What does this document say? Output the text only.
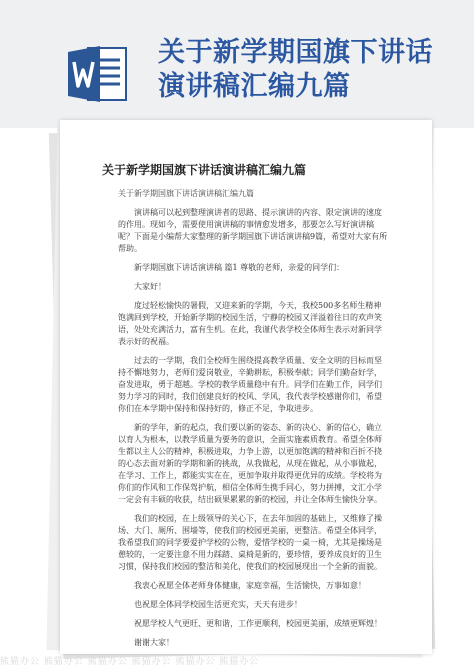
关于新学期国旗下讲话
演讲稿汇编九篇
关于新学期国旗下讲话演讲稿汇编九篇

关于新学期国旗下讲话演讲稿汇编九篇

演讲稿可以起到整理演讲者的思路、提示演讲的内容、限定演讲的速度的作用。现如今，需要使用演讲稿的事情愈发增多，那要怎么写好演讲稿呢？下面是小编帮大家整理的新学期国旗下讲话演讲稿9篇，希望对大家有所帮助。

新学期国旗下讲话演讲稿 篇1 尊敬的老师，亲爱的同学们：

大家好！

度过轻松愉快的暑假，又迎来新的学期，今天，我校500多名师生精神饱满回到学校，开始新学期的校园生活，宁静的校园又洋溢着往日的欢声笑语，处处充满活力，富有生机。在此，我谨代表学校全体师生表示对新同学表示好的祝福。

过去的一学期，我们全校师生围绕提高教学质量、安全文明的目标而坚持不懈地努力，老师们爱岗敬业，辛勤耕耘，积极奉献；同学们勤奋好学，奋发进取，勇于超越。学校的教学质量稳中有升。同学们在勤工作，同学们努力学习的同时，我们创建良好的校风、学风，我代表学校感谢你们，希望你们在本学期中保持和保持好的，修正不足，争取进步。

新的学年，新的起点，我们要以新的姿态、新的决心、新的信心，确立以育人为根本，以教学质量为要务的意识，全面实施素质教育。希望全体师生都以主人公的精神，积极进取，力争上游，以更加饱满的精神和百折不挠的心态去面对新的学期和新的挑战，从我做起，从现在做起，从小事做起，在学习、工作上，都能实实在在，更加争取并取得更优异的成绩。学校将为你们的作风和工作保驾护航，相信全体师生携手同心，努力拼搏，文汇小学一定会有丰硕的收获，结出硕果累累的新的校园，并让全体师生愉快分享。

我们的校园，在上级领导的关心下，在去年加固的基础上，又维修了操场、大门、厕所、围墙等，使我们的校园更美丽，更整洁。希望全体同学，我希望我们的同学要爱护学校的公物，爱惜学校的一桌一椅，尤其是操场是憩较的，一定要注意不用力踩踏、桌椅是新的，要珍惜，要养成良好的卫生习惯，保持我们校园的整洁和美化，使我们的校园展现出一个全新的面貌。

我衷心祝愿全体老师身体健康，家庭幸福，生活愉快，万事如意！

也祝愿全体同学校园生活更充实，天天有进步！

祝愿学校人气更旺、更和谐，工作更顺利，校园更美丽，成绩更辉煌！

谢谢大家！

熊猫办公 熊猫办公 熊猫办公 熊猫办公 熊猫办公 熊猫办公
